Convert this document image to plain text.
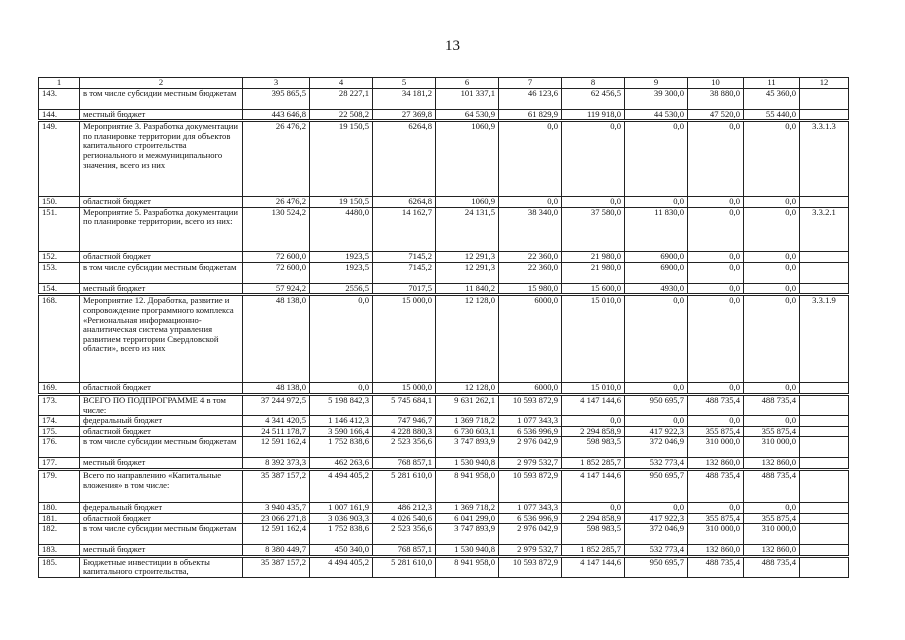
13
1	2	3	4	5	6	7	8	9	10	11	12
143.	в том числе субсидии местным бюджетам	395 865,5	28 227,1	34 181,2	101 337,1	46 123,6	62 456,5	39 300,0	38 880,0	45 360,0	
144.	местный бюджет	443 646,8	22 508,2	27 369,8	64 530,9	61 829,9	119 918,0	44 530,0	47 520,0	55 440,0	
149.	Мероприятие 3. Разработка документации по планировке территории для объектов капитального строительства регионального и межмуниципального значения, всего из них	26 476,2	19 150,5	6264,8	1060,9	0,0	0,0	0,0	0,0	0,0	3.3.1.3
150.	областной бюджет	26 476,2	19 150,5	6264,8	1060,9	0,0	0,0	0,0	0,0	0,0	
151.	Мероприятие 5. Разработка документации по планировке территории, всего из них:	130 524,2	4480,0	14 162,7	24 131,5	38 340,0	37 580,0	11 830,0	0,0	0,0	3.3.2.1
152.	областной бюджет	72 600,0	1923,5	7145,2	12 291,3	22 360,0	21 980,0	6900,0	0,0	0,0	
153.	в том числе субсидии местным бюджетам	72 600,0	1923,5	7145,2	12 291,3	22 360,0	21 980,0	6900,0	0,0	0,0	
154.	местный бюджет	57 924,2	2556,5	7017,5	11 840,2	15 980,0	15 600,0	4930,0	0,0	0,0	
168.	Мероприятие 12. Доработка, развитие и сопровождение программного комплекса «Региональная информационно-аналитическая система управления развитием территории Свердловской области», всего из них	48 138,0	0,0	15 000,0	12 128,0	6000,0	15 010,0	0,0	0,0	0,0	3.3.1.9
169.	областной бюджет	48 138,0	0,0	15 000,0	12 128,0	6000,0	15 010,0	0,0	0,0	0,0	
173.	ВСЕГО ПО ПОДПРОГРАММЕ 4 в том числе:	37 244 972,5	5 198 842,3	5 745 684,1	9 631 262,1	10 593 872,9	4 147 144,6	950 695,7	488 735,4	488 735,4	
174.	федеральный бюджет	4 341 420,5	1 146 412,3	747 946,7	1 369 718,2	1 077 343,3	0,0	0,0	0,0	0,0	
175.	областной бюджет	24 511 178,7	3 590 166,4	4 228 880,3	6 730 603,1	6 536 996,9	2 294 858,9	417 922,3	355 875,4	355 875,4	
176.	в том числе субсидии местным бюджетам	12 591 162,4	1 752 838,6	2 523 356,6	3 747 893,9	2 976 042,9	598 983,5	372 046,9	310 000,0	310 000,0	
177.	местный бюджет	8 392 373,3	462 263,6	768 857,1	1 530 940,8	2 979 532,7	1 852 285,7	532 773,4	132 860,0	132 860,0	
179.	Всего по направлению «Капитальные вложения» в том числе:	35 387 157,2	4 494 405,2	5 281 610,0	8 941 958,0	10 593 872,9	4 147 144,6	950 695,7	488 735,4	488 735,4	
180.	федеральный бюджет	3 940 435,7	1 007 161,9	486 212,3	1 369 718,2	1 077 343,3	0,0	0,0	0,0	0,0	
181.	областной бюджет	23 066 271,8	3 036 903,3	4 026 540,6	6 041 299,0	6 536 996,9	2 294 858,9	417 922,3	355 875,4	355 875,4	
182.	в том числе субсидии местным бюджетам	12 591 162,4	1 752 838,6	2 523 356,6	3 747 893,9	2 976 042,9	598 983,5	372 046,9	310 000,0	310 000,0	
183.	местный бюджет	8 380 449,7	450 340,0	768 857,1	1 530 940,8	2 979 532,7	1 852 285,7	532 773,4	132 860,0	132 860,0	
185.	Бюджетные инвестиции в объекты капитального строительства,	35 387 157,2	4 494 405,2	5 281 610,0	8 941 958,0	10 593 872,9	4 147 144,6	950 695,7	488 735,4	488 735,4	
